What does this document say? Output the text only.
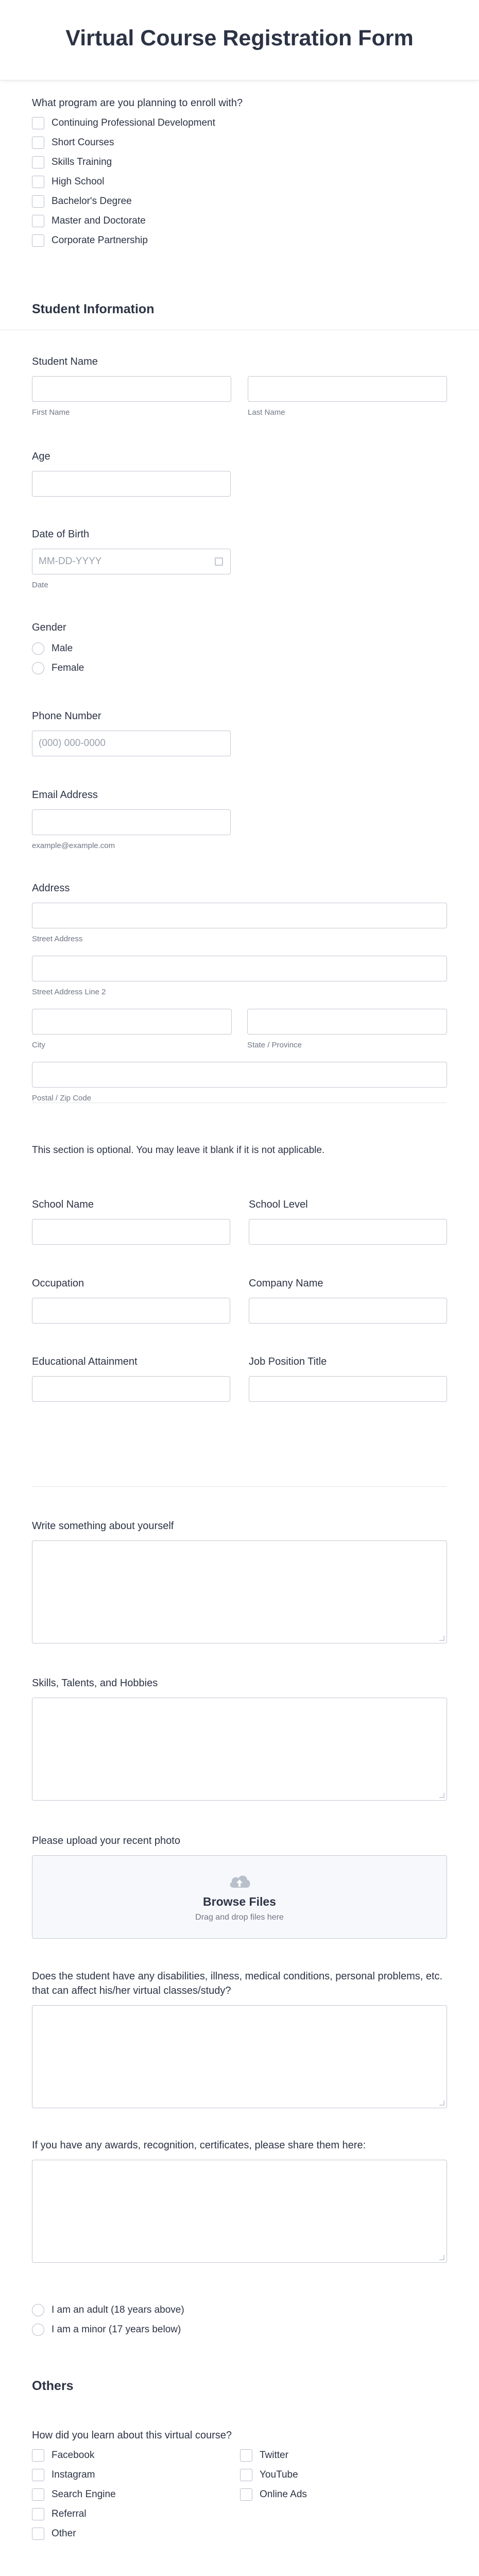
Virtual Course Registration Form
What program are you planning to enroll with?
Continuing Professional Development
Short Courses
Skills Training
High School
Bachelor's Degree
Master and Doctorate
Corporate Partnership
Student Information
Student Name
First Name	Last Name
Age
Date of Birth
MM-DD-YYYY
Date
Gender
Male
Female
Phone Number
(000) 000-0000
Email Address
example@example.com
Address
Street Address
Street Address Line 2
City	State / Province
Postal / Zip Code
This section is optional. You may leave it blank if it is not applicable.
School Name	School Level
Occupation	Company Name
Educational Attainment	Job Position Title
Write something about yourself
Skills, Talents, and Hobbies
Please upload your recent photo
Browse Files
Drag and drop files here
Does the student have any disabilities, illness, medical conditions, personal problems, etc. that can affect his/her virtual classes/study?
If you have any awards, recognition, certificates, please share them here:
I am an adult (18 years above)
I am a minor (17 years below)
Others
How did you learn about this virtual course?
Facebook
Instagram
Search Engine
Referral
Other
Twitter
YouTube
Online Ads
